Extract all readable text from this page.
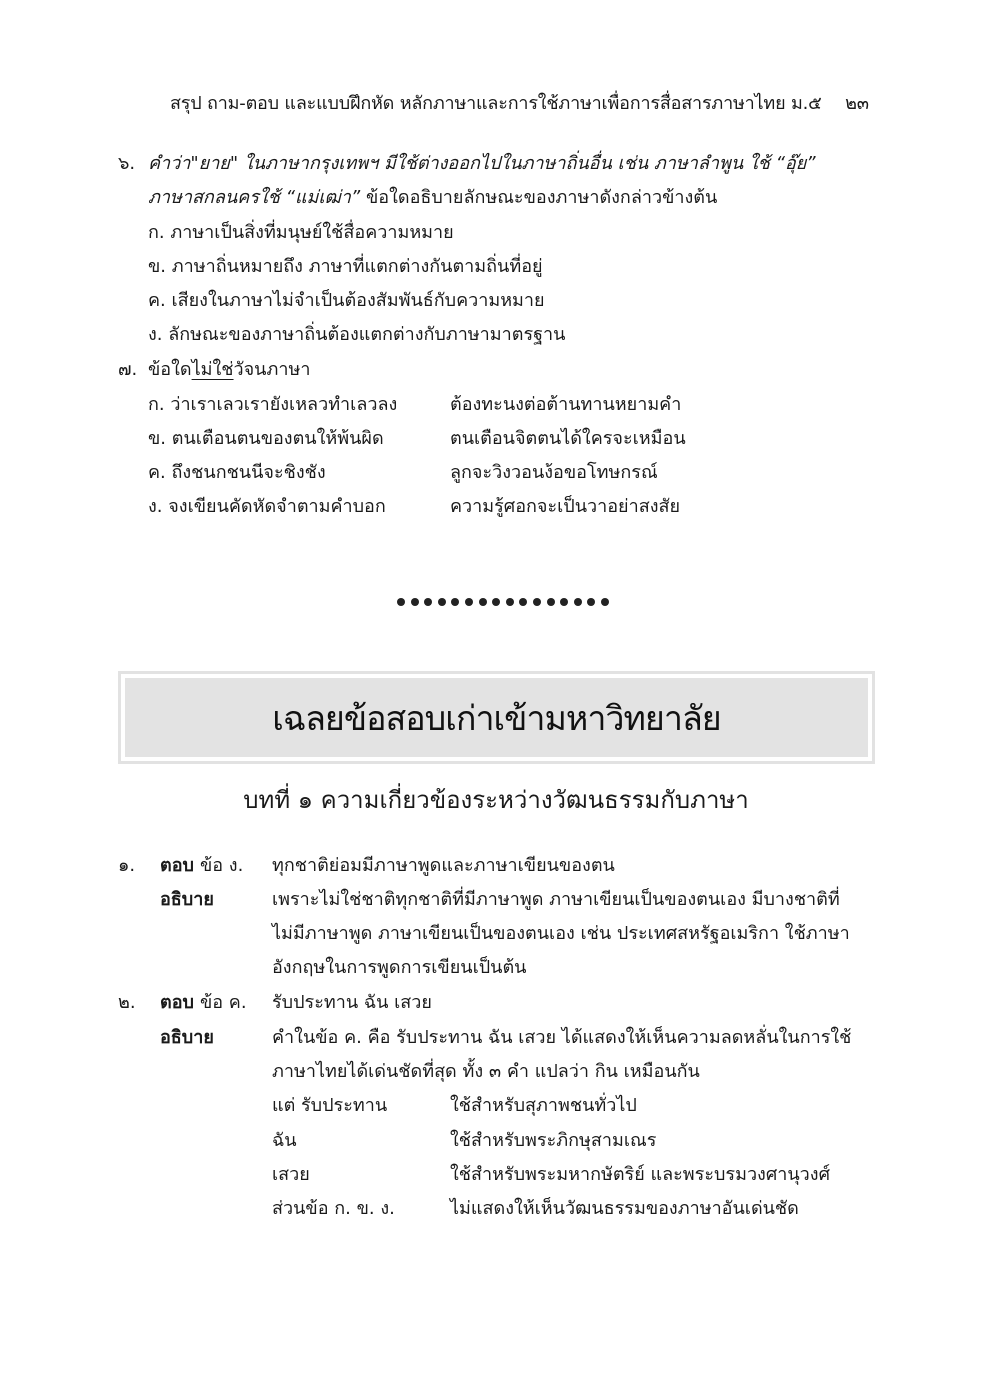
สรุป ถาม-ตอบ และแบบฝึกหัด หลักภาษาและการใช้ภาษาเพื่อการสื่อสารภาษาไทย ม.๕ ๒๓
๖. คำว่า"ยาย" ในภาษากรุงเทพฯ มีใช้ต่างออกไปในภาษาถิ่นอื่น เช่น ภาษาลำพูน ใช้ “อุ๊ย”
ภาษาสกลนครใช้ “แม่เฒ่า” ข้อใดอธิบายลักษณะของภาษาดังกล่าวข้างต้น
ก. ภาษาเป็นสิ่งที่มนุษย์ใช้สื่อความหมาย
ข. ภาษาถิ่นหมายถึง ภาษาที่แตกต่างกันตามถิ่นที่อยู่
ค. เสียงในภาษาไม่จำเป็นต้องสัมพันธ์กับความหมาย
ง. ลักษณะของภาษาถิ่นต้องแตกต่างกับภาษามาตรฐาน
๗. ข้อใดไม่ใช่วัจนภาษา
ก. ว่าเราเลวเรายังเหลวทำเลวลง	ต้องทะนงต่อต้านทานหยามคำ
ข. ตนเตือนตนของตนให้พ้นผิด	ตนเตือนจิตตนได้ใครจะเหมือน
ค. ถึงชนกชนนีจะชิงชัง	ลูกจะวิงวอนง้อขอโทษกรณ์
ง. จงเขียนคัดหัดจำตามคำบอก	ความรู้ศอกจะเป็นวาอย่าสงสัย
เฉลยข้อสอบเก่าเข้ามหาวิทยาลัย
บทที่ ๑ ความเกี่ยวข้องระหว่างวัฒนธรรมกับภาษา
๑. ตอบ ข้อ ง. ทุกชาติย่อมมีภาษาพูดและภาษาเขียนของตน
อธิบาย	เพราะไม่ใช่ชาติทุกชาติที่มีภาษาพูด ภาษาเขียนเป็นของตนเอง มีบางชาติที่
ไม่มีภาษาพูด ภาษาเขียนเป็นของตนเอง เช่น ประเทศสหรัฐอเมริกา ใช้ภาษา
อังกฤษในการพูดการเขียนเป็นต้น
๒. ตอบ ข้อ ค. รับประทาน ฉัน เสวย
อธิบาย	คำในข้อ ค. คือ รับประทาน ฉัน เสวย ได้แสดงให้เห็นความลดหลั่นในการใช้
ภาษาไทยได้เด่นชัดที่สุด ทั้ง ๓ คำ แปลว่า กิน เหมือนกัน
แต่ รับประทาน	ใช้สำหรับสุภาพชนทั่วไป
ฉัน	ใช้สำหรับพระภิกษุสามเณร
เสวย	ใช้สำหรับพระมหากษัตริย์ และพระบรมวงศานุวงศ์
ส่วนข้อ ก. ข. ง.	ไม่แสดงให้เห็นวัฒนธรรมของภาษาอันเด่นชัด
